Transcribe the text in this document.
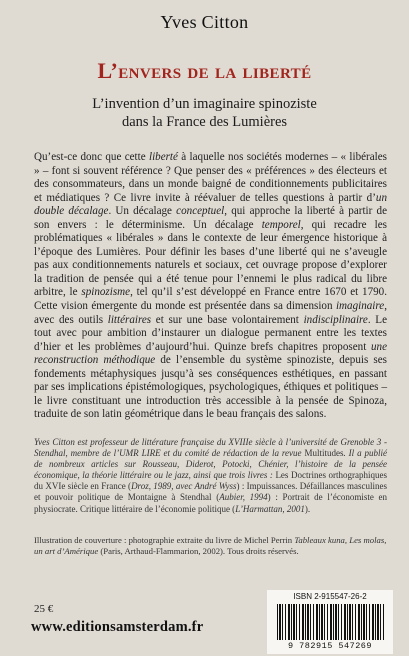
Yves Citton
L’envers de la liberté
L’invention d’un imaginaire spinoziste
dans la France des Lumières

Qu’est-ce donc que cette liberté à laquelle nos sociétés modernes – « libérales » – font si souvent référence ? Que penser des « préférences » des électeurs et des consommateurs, dans un monde baigné de conditionnements publicitaires et médiatiques ? Ce livre invite à réévaluer de telles questions à partir d’un double décalage. Un décalage conceptuel, qui approche la liberté à partir de son envers : le déterminisme. Un décalage temporel, qui recadre les problématiques « libérales » dans le contexte de leur émergence historique à l’époque des Lumières. Pour définir les bases d’une liberté qui ne s’aveugle pas aux conditionnements naturels et sociaux, cet ouvrage propose d’explorer la tradition de pensée qui a été tenue pour l’ennemi le plus radical du libre arbitre, le spinozisme, tel qu’il s’est développé en France entre 1670 et 1790. Cette vision émergente du monde est présentée dans sa dimension imaginaire, avec des outils littéraires et sur une base volontairement indisciplinaire. Le tout avec pour ambition d’instaurer un dialogue permanent entre les textes d’hier et les problèmes d’aujourd’hui. Quinze brefs chapitres proposent une reconstruction méthodique de l’ensemble du système spinoziste, depuis ses fondements métaphysiques jusqu’à ses conséquences esthétiques, en passant par ses implications épistémologiques, psychologiques, éthiques et politiques – le livre constituant une introduction très accessible à la pensée de Spinoza, traduite de son latin géométrique dans le beau français des salons.

Yves Citton est professeur de littérature française du XVIIIe siècle à l’université de Grenoble 3 - Stendhal, membre de l’UMR LIRE et du comité de rédaction de la revue Multitudes. Il a publié de nombreux articles sur Rousseau, Diderot, Potocki, Chénier, l’histoire de la pensée économique, la théorie littéraire ou le jazz, ainsi que trois livres : Les Doctrines orthographiques du XVIe siècle en France (Droz, 1989, avec André Wyss) : Impuissances. Défaillances masculines et pouvoir politique de Montaigne à Stendhal (Aubier, 1994) : Portrait de l’économiste en physiocrate. Critique littéraire de l’économie politique (L’Harmattan, 2001).

Illustration de couverture : photographie extraite du livre de Michel Perrin Tableaux kuna, Les molas, un art d’Amérique (Paris, Arthaud-Flammarion, 2002). Tous droits réservés.

25 €
www.editionsamsterdam.fr
ISBN 2-915547-26-2
9 782915 547269
